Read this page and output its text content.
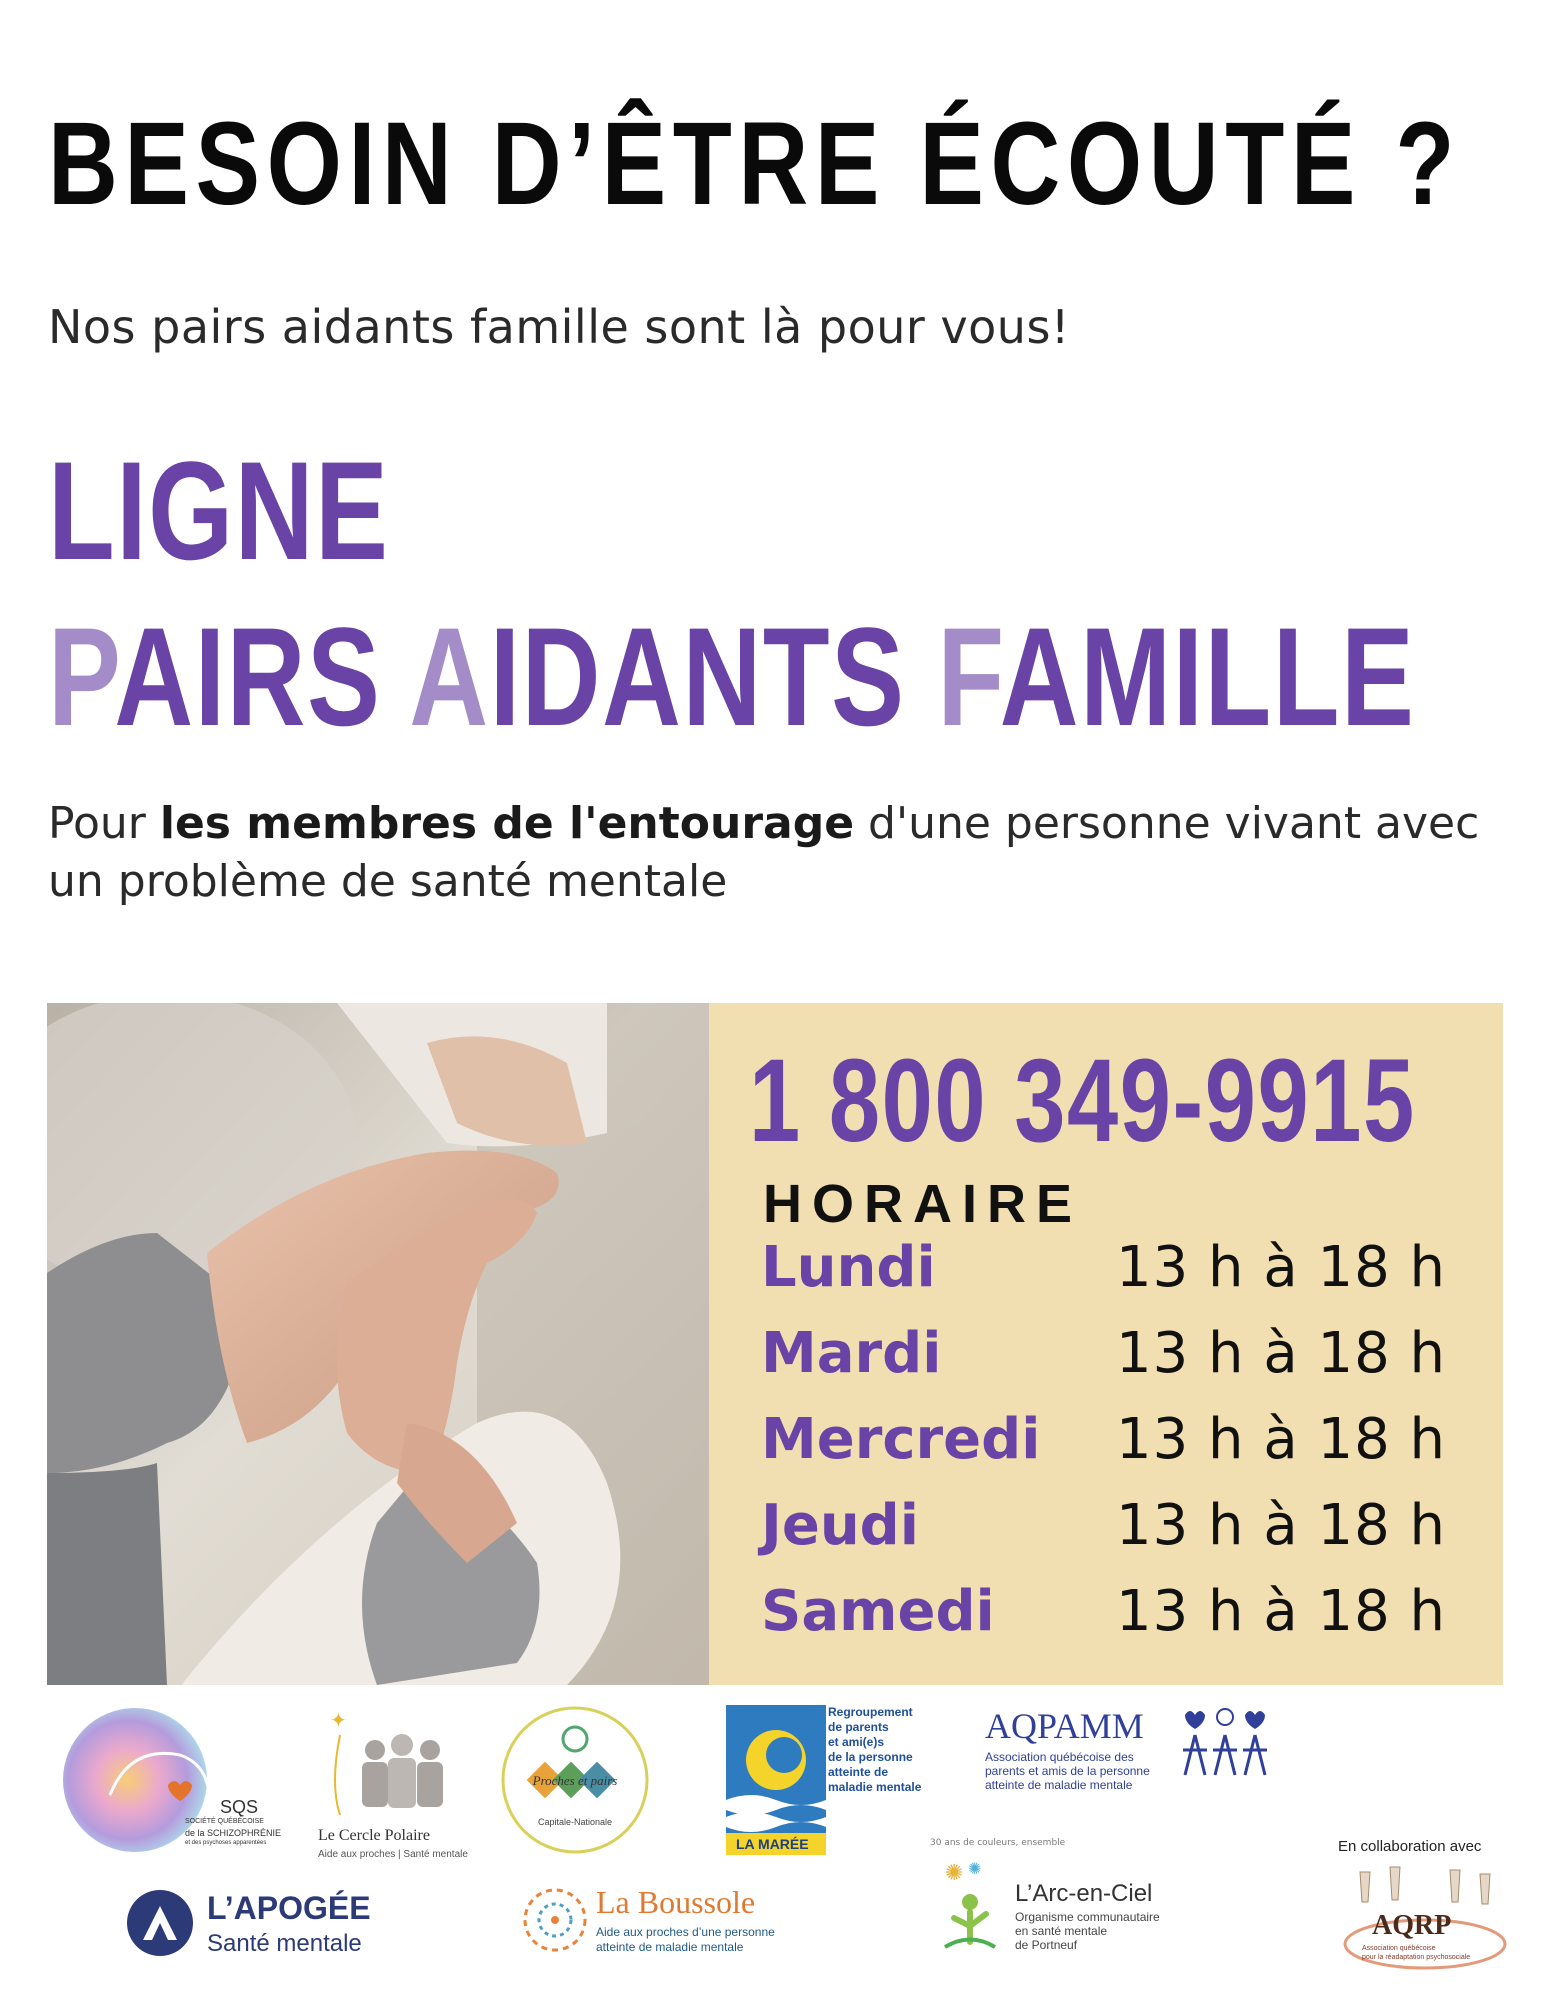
BESOIN D’ÊTRE ÉCOUTÉ ?
Nos pairs aidants famille sont là pour vous!
LIGNE
PAIRS AIDANTS FAMILLE
Pour les membres de l'entourage d'une personne vivant avec un problème de santé mentale
1 800 349-9915
HORAIRE
Lundi	13 h à 18 h
Mardi	13 h à 18 h
Mercredi 13 h à 18 h
Jeudi	13 h à 18 h
Samedi 13 h à 18 h
SQS
SOCIÉTÉ QUÉBÉCOISE
de la SCHIZOPHRÉNIE
et des psychoses apparentées
✦
Le Cercle Polaire
Aide aux proches | Santé mentale
Proches et pairs
Capitale-Nationale
LA MARÉE
Regroupement
de parents
et ami(e)s
de la personne
atteinte de
maladie mentale
AQPAMM
Association québécoise des
parents et amis de la personne
atteinte de maladie mentale
L’APOGÉE
Santé mentale
La Boussole
Aide aux proches d’une personne
atteinte de maladie mentale
30 ans de couleurs, ensemble
✺ ✺
L’Arc-en-Ciel
Organisme communautaire
en santé mentale
de Portneuf
En collaboration avec
AQRP
Association québécoise
pour la réadaptation psychosociale
